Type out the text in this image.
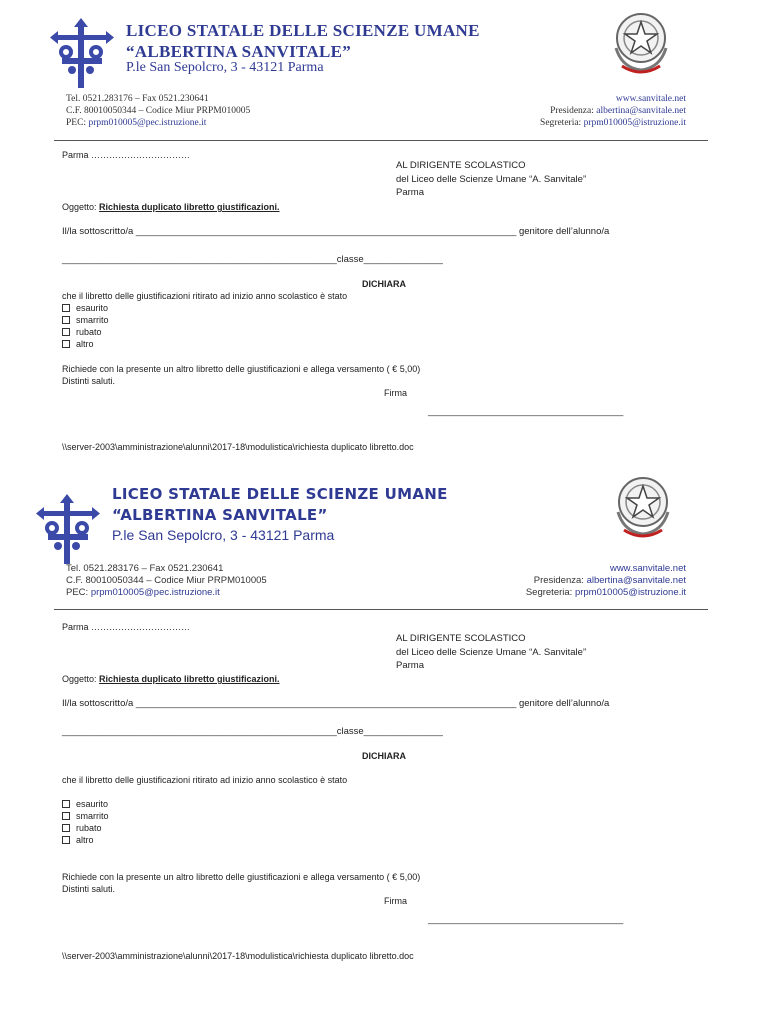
LICEO STATALE DELLE SCIENZE UMANE
“ALBERTINA SANVITALE”
P.le San Sepolcro, 3 - 43121 Parma
Tel. 0521.283176 – Fax 0521.230641
C.F. 80010050344 – Codice Miur PRPM010005
PEC: prpm010005@pec.istruzione.it
www.sanvitale.net
Presidenza: albertina@sanvitale.net
Segreteria: prpm010005@istruzione.it
Parma ……………………………
AL DIRIGENTE SCOLASTICO
del Liceo delle Scienze Umane “A. Sanvitale”
Parma
Oggetto: Richiesta duplicato libretto giustificazioni.
Il/la sottoscritto/a ________________________________________________________________________ genitore dell’alunno/a
____________________________________________________classe_______________
DICHIARA
che il libretto delle giustificazioni ritirato ad inizio anno scolastico è stato
esaurito
smarrito
rubato
altro
Richiede con la presente un altro libretto delle giustificazioni e allega versamento ( € 5,00)
Distinti saluti.
Firma
_______________________________________
\\server-2003\amministrazione\alunni\2017-18\modulistica\richiesta duplicato libretto.doc
LICEO STATALE DELLE SCIENZE UMANE
“ALBERTINA SANVITALE”
P.le San Sepolcro, 3 - 43121 Parma
Tel. 0521.283176 – Fax 0521.230641
C.F. 80010050344 – Codice Miur PRPM010005
PEC: prpm010005@pec.istruzione.it
www.sanvitale.net
Presidenza: albertina@sanvitale.net
Segreteria: prpm010005@istruzione.it
Parma ……………………………
AL DIRIGENTE SCOLASTICO
del Liceo delle Scienze Umane “A. Sanvitale”
Parma
Oggetto: Richiesta duplicato libretto giustificazioni.
Il/la sottoscritto/a ________________________________________________________________________ genitore dell’alunno/a
____________________________________________________classe_______________
DICHIARA
che il libretto delle giustificazioni ritirato ad inizio anno scolastico è stato
esaurito
smarrito
rubato
altro
Richiede con la presente un altro libretto delle giustificazioni e allega versamento ( € 5,00)
Distinti saluti.
Firma
_______________________________________
\\server-2003\amministrazione\alunni\2017-18\modulistica\richiesta duplicato libretto.doc
